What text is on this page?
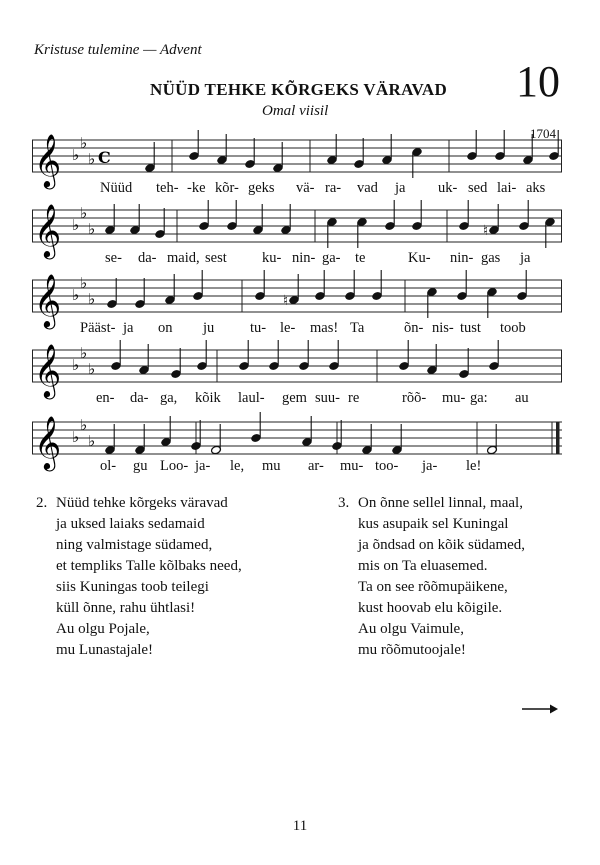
Kristuse tulemine — Advent
NÜÜD TEHKE KÕRGEKS VÄRAVAD
Omal viisil
10
1704
𝄞 ♭
♭
♭ C
𝄞 ♭
♭
♭	♮
𝄞 ♭
♭
♭	♮
𝄞 ♭
♭
♭
𝄞 ♭
♭
♭
2. Nüüd tehke kõrgeks väravad
ja uksed laiaks sedamaid
ning valmistage südamed,
et templiks Talle kõlbaks need,
siis Kuningas toob teilegi
küll õnne, rahu ühtlasi!
Au olgu Pojale,
mu Lunastajale!
3. On õnne sellel linnal, maal,
kus asupaik sel Kuningal
ja õndsad on kõik südamed,
mis on Ta eluasemed.
Ta on see rõõmupäikene,
kust hoovab elu kõigile.
Au olgu Vaimule,
mu rõõmutoojale!
11
Nüüd teh- -ke kõr- geks vä- ra- vad ja uk- sed lai- aks
se- da- maid, sest ku- nin- ga- te	Ku- nin- gas ja
Pääst- ja on ju tu- le- mas! Ta	õn- nis- tust toob
en- da- ga, kõik laul- gem suu- re	rõõ- mu- ga: au
ol- gu Loo- ja- le, mu ar- mu- too- ja- le!
